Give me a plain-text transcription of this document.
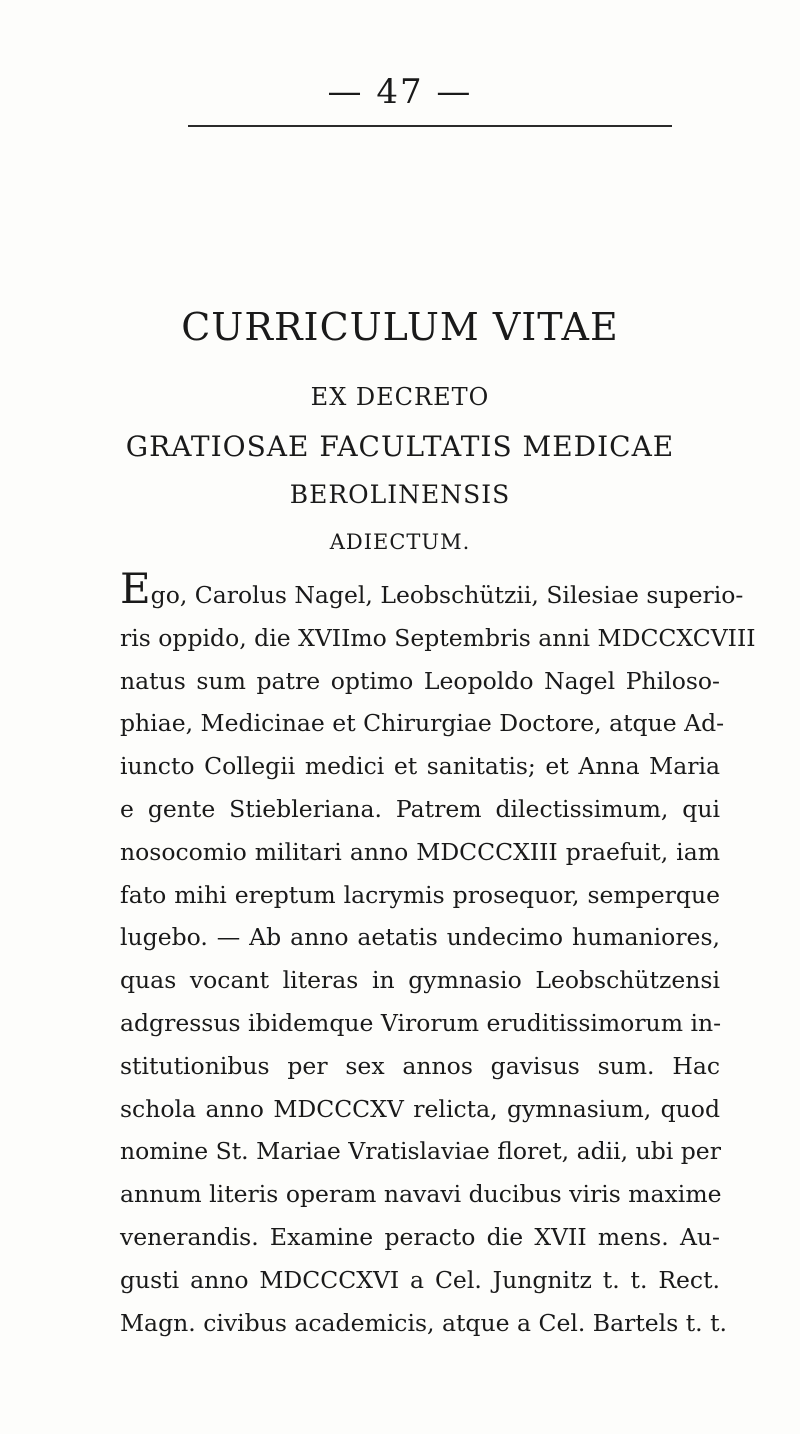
— 47 —
CURRICULUM VITAE
EX DECRETO
GRATIOSAE FACULTATIS MEDICAE
BEROLINENSIS
ADIECTUM.
Ego, Carolus Nagel, Leobschützii, Silesiae superio-
ris oppido, die XVIImo Septembris anni MDCCXCVIII
natus sum patre optimo Leopoldo Nagel Philoso-
phiae, Medicinae et Chirurgiae Doctore, atque Ad-
iuncto Collegii medici et sanitatis; et Anna Maria
e gente Stiebleriana. Patrem dilectissimum, qui
nosocomio militari anno MDCCCXIII praefuit, iam
fato mihi ereptum lacrymis prosequor, semperque
lugebo. — Ab anno aetatis undecimo humaniores,
quas vocant literas in gymnasio Leobschützensi
adgressus ibidemque Virorum eruditissimorum in-
stitutionibus per sex annos gavisus sum. Hac
schola anno MDCCCXV relicta, gymnasium, quod
nomine St. Mariae Vratislaviae floret, adii, ubi per
annum literis operam navavi ducibus viris maxime
venerandis. Examine peracto die XVII mens. Au-
gusti anno MDCCCXVI a Cel. Jungnitz t. t. Rect.
Magn. civibus academicis, atque a Cel. Bartels t. t.
